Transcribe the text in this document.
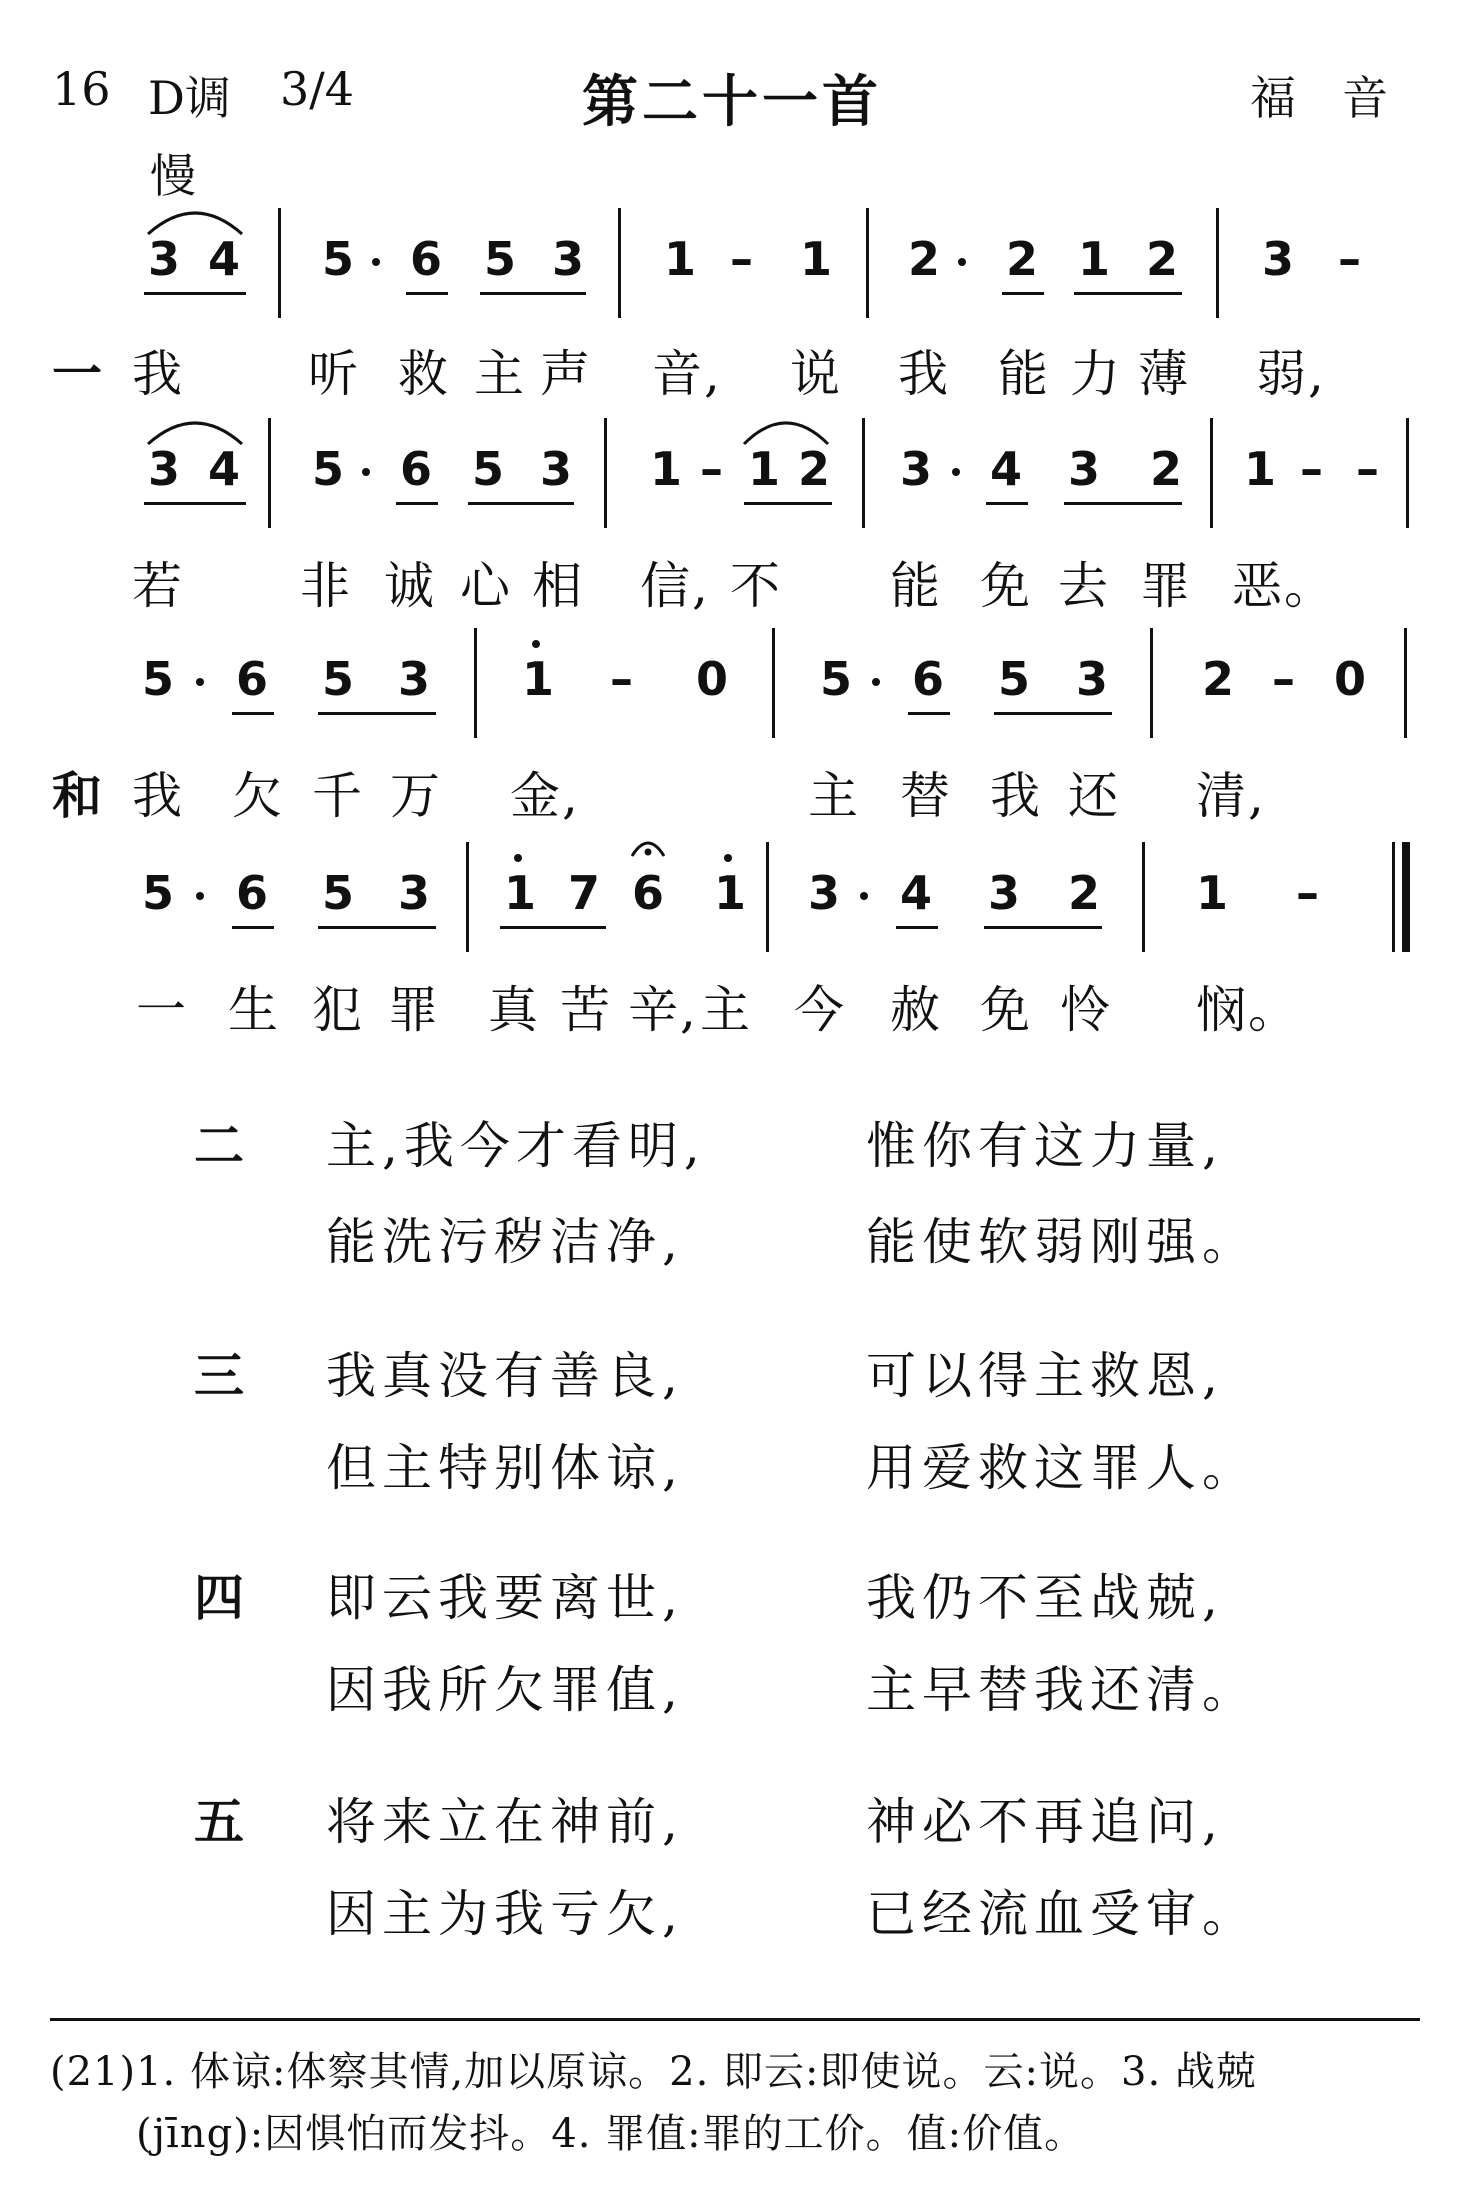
16 D调 3/4	第二十一首	福　音
慢
3 4 5 6 5 3 1 – 1 2 2 1 2 3 –
一 我 听 救 主 声 音, 说 我 能 力 薄 弱,
3 4 5 6 5 3 1 – 1 2 3 4 3 2 1 – –
若 非 诚 心 相 信, 不 能 免 去 罪 恶。
5 6 5 3 1 – 0 5 6 5 3 2 – 0
和 我 欠 千 万 金,	主 替 我 还 清,
5 6 5 3 1 7 6 1 3 4 3 2 1 –
一 生 犯 罪 真 苦 辛, 主 今 赦 免 怜 悯。
二 主,我今才看明,	惟你有这力量,
能洗污秽洁净,	能使软弱刚强。
三 我真没有善良,	可以得主救恩,
但主特别体谅,	用爱救这罪人。
四 即云我要离世,	我仍不至战兢,
因我所欠罪值,	主早替我还清。
五 将来立在神前,	神必不再追问,
因主为我亏欠,	已经流血受审。
(21)1. 体谅:体察其情,加以原谅。2. 即云:即使说。云:说。3. 战兢
(jīng):因惧怕而发抖。4. 罪值:罪的工价。值:价值。
